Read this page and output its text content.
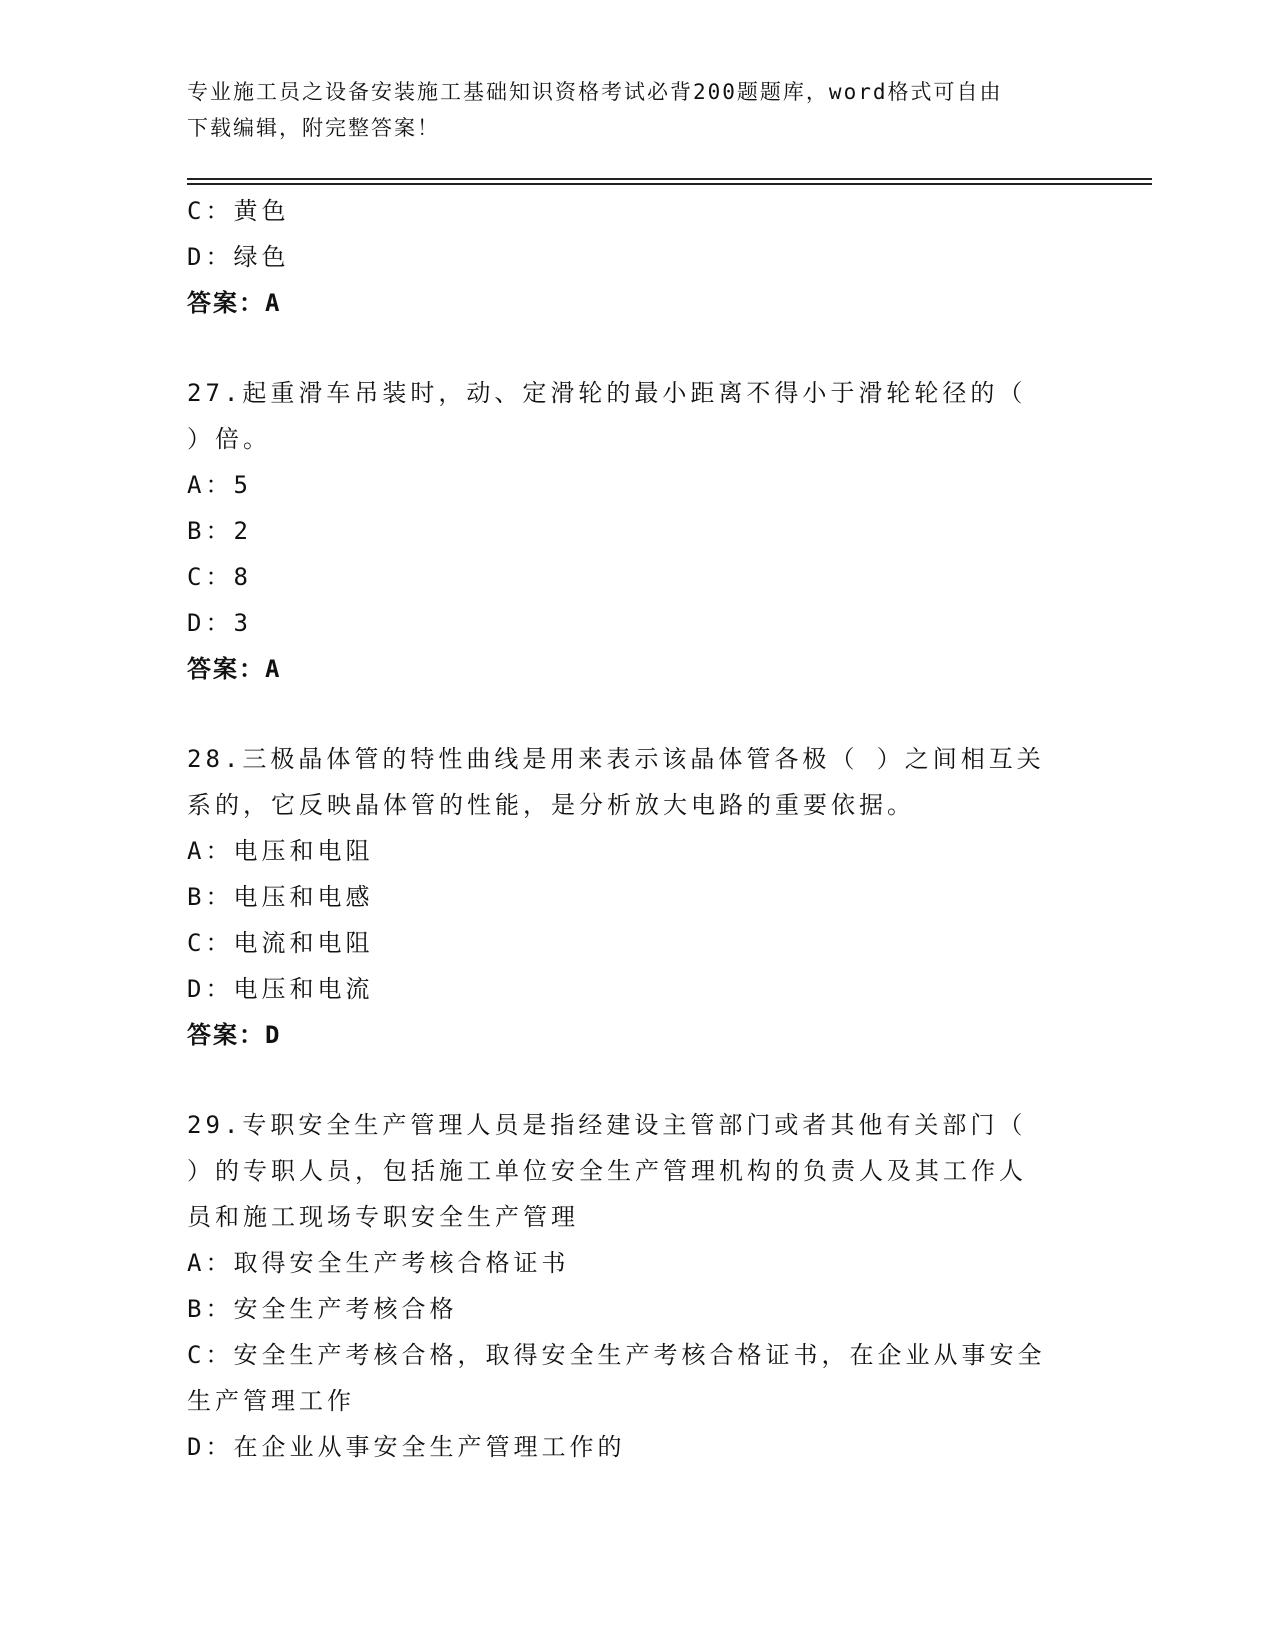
专业施工员之设备安装施工基础知识资格考试必背200题题库，word格式可自由
下载编辑，附完整答案！
C：黄色
D：绿色
答案：A
27.起重滑车吊装时，动、定滑轮的最小距离不得小于滑轮轮径的（
）倍。
A：5
B：2
C：8
D：3
答案：A
28.三极晶体管的特性曲线是用来表示该晶体管各极（ ）之间相互关
系的，它反映晶体管的性能，是分析放大电路的重要依据。
A：电压和电阻
B：电压和电感
C：电流和电阻
D：电压和电流
答案：D
29.专职安全生产管理人员是指经建设主管部门或者其他有关部门（
）的专职人员，包括施工单位安全生产管理机构的负责人及其工作人
员和施工现场专职安全生产管理
A：取得安全生产考核合格证书
B：安全生产考核合格
C：安全生产考核合格，取得安全生产考核合格证书，在企业从事安全
生产管理工作
D：在企业从事安全生产管理工作的
